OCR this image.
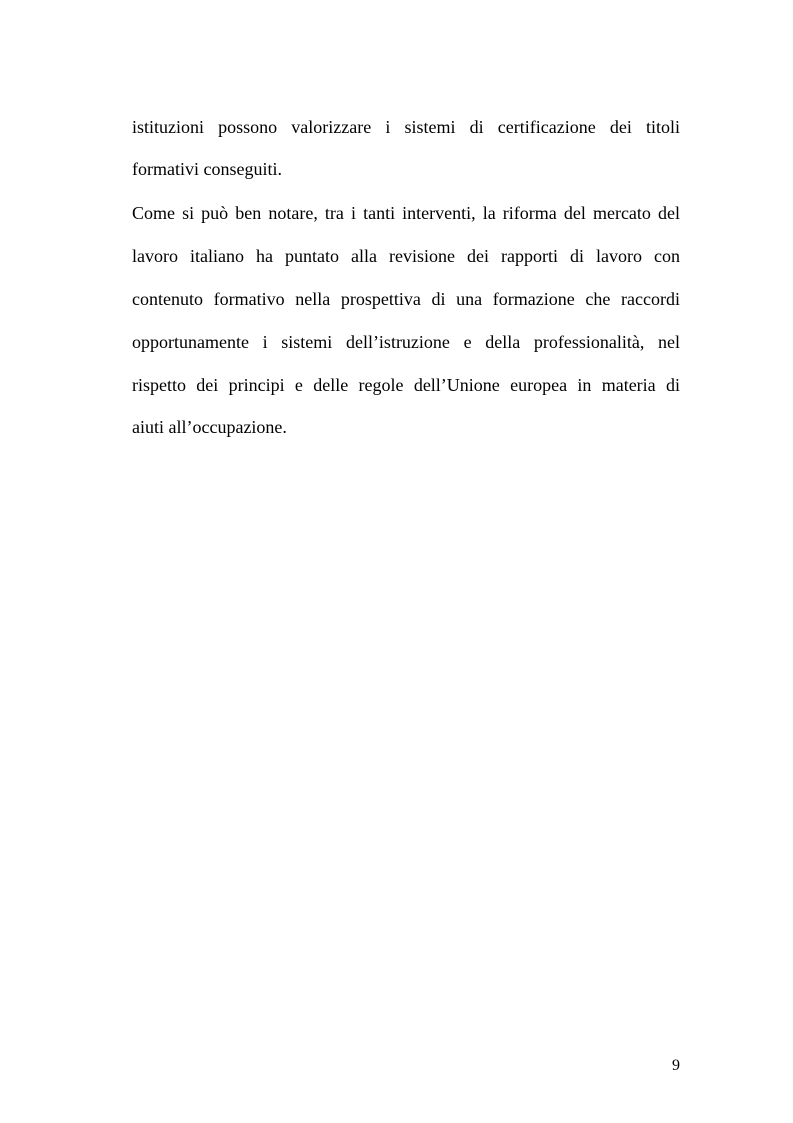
istituzioni possono valorizzare i sistemi di certificazione dei titoli
formativi conseguiti.
Come si può ben notare, tra i tanti interventi, la riforma del mercato del
lavoro italiano ha puntato alla revisione dei rapporti di lavoro con
contenuto formativo nella prospettiva di una formazione che raccordi
opportunamente i sistemi dell’istruzione e della professionalità, nel
rispetto dei principi e delle regole dell’Unione europea in materia di
aiuti all’occupazione.
9
